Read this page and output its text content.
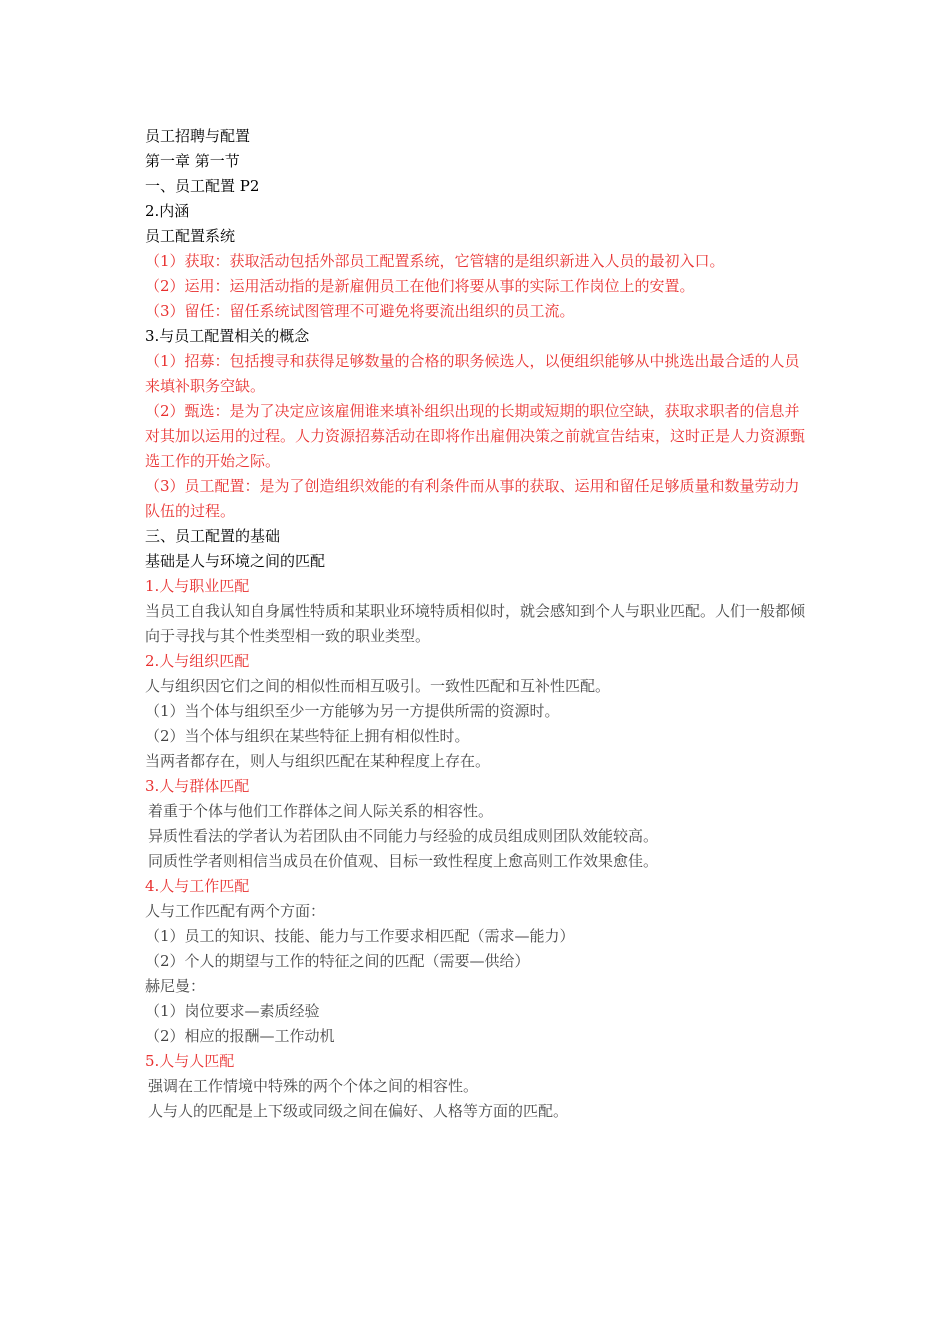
员工招聘与配置

第一章 第一节

一、员工配置 P2

2.内涵

员工配置系统

（1）获取：获取活动包括外部员工配置系统，它管辖的是组织新进入人员的最初入口。

（2）运用：运用活动指的是新雇佣员工在他们将要从事的实际工作岗位上的安置。

（3）留任：留任系统试图管理不可避免将要流出组织的员工流。

3.与员工配置相关的概念

（1）招募：包括搜寻和获得足够数量的合格的职务候选人，以便组织能够从中挑选出最合适的人员来填补职务空缺。

（2）甄选：是为了决定应该雇佣谁来填补组织出现的长期或短期的职位空缺，获取求职者的信息并对其加以运用的过程。人力资源招募活动在即将作出雇佣决策之前就宣告结束，这时正是人力资源甄选工作的开始之际。

（3）员工配置：是为了创造组织效能的有利条件而从事的获取、运用和留任足够质量和数量劳动力队伍的过程。

三、员工配置的基础

基础是人与环境之间的匹配

1.人与职业匹配

当员工自我认知自身属性特质和某职业环境特质相似时，就会感知到个人与职业匹配。人们一般都倾向于寻找与其个性类型相一致的职业类型。

2.人与组织匹配

人与组织因它们之间的相似性而相互吸引。一致性匹配和互补性匹配。

（1）当个体与组织至少一方能够为另一方提供所需的资源时。

（2）当个体与组织在某些特征上拥有相似性时。

当两者都存在，则人与组织匹配在某种程度上存在。

3.人与群体匹配

着重于个体与他们工作群体之间人际关系的相容性。

异质性看法的学者认为若团队由不同能力与经验的成员组成则团队效能较高。

同质性学者则相信当成员在价值观、目标一致性程度上愈高则工作效果愈佳。

4.人与工作匹配

人与工作匹配有两个方面：

（1）员工的知识、技能、能力与工作要求相匹配（需求—能力）

（2）个人的期望与工作的特征之间的匹配（需要—供给）

赫尼曼：

（1）岗位要求—素质经验

（2）相应的报酬—工作动机

5.人与人匹配

强调在工作情境中特殊的两个个体之间的相容性。

人与人的匹配是上下级或同级之间在偏好、人格等方面的匹配。
